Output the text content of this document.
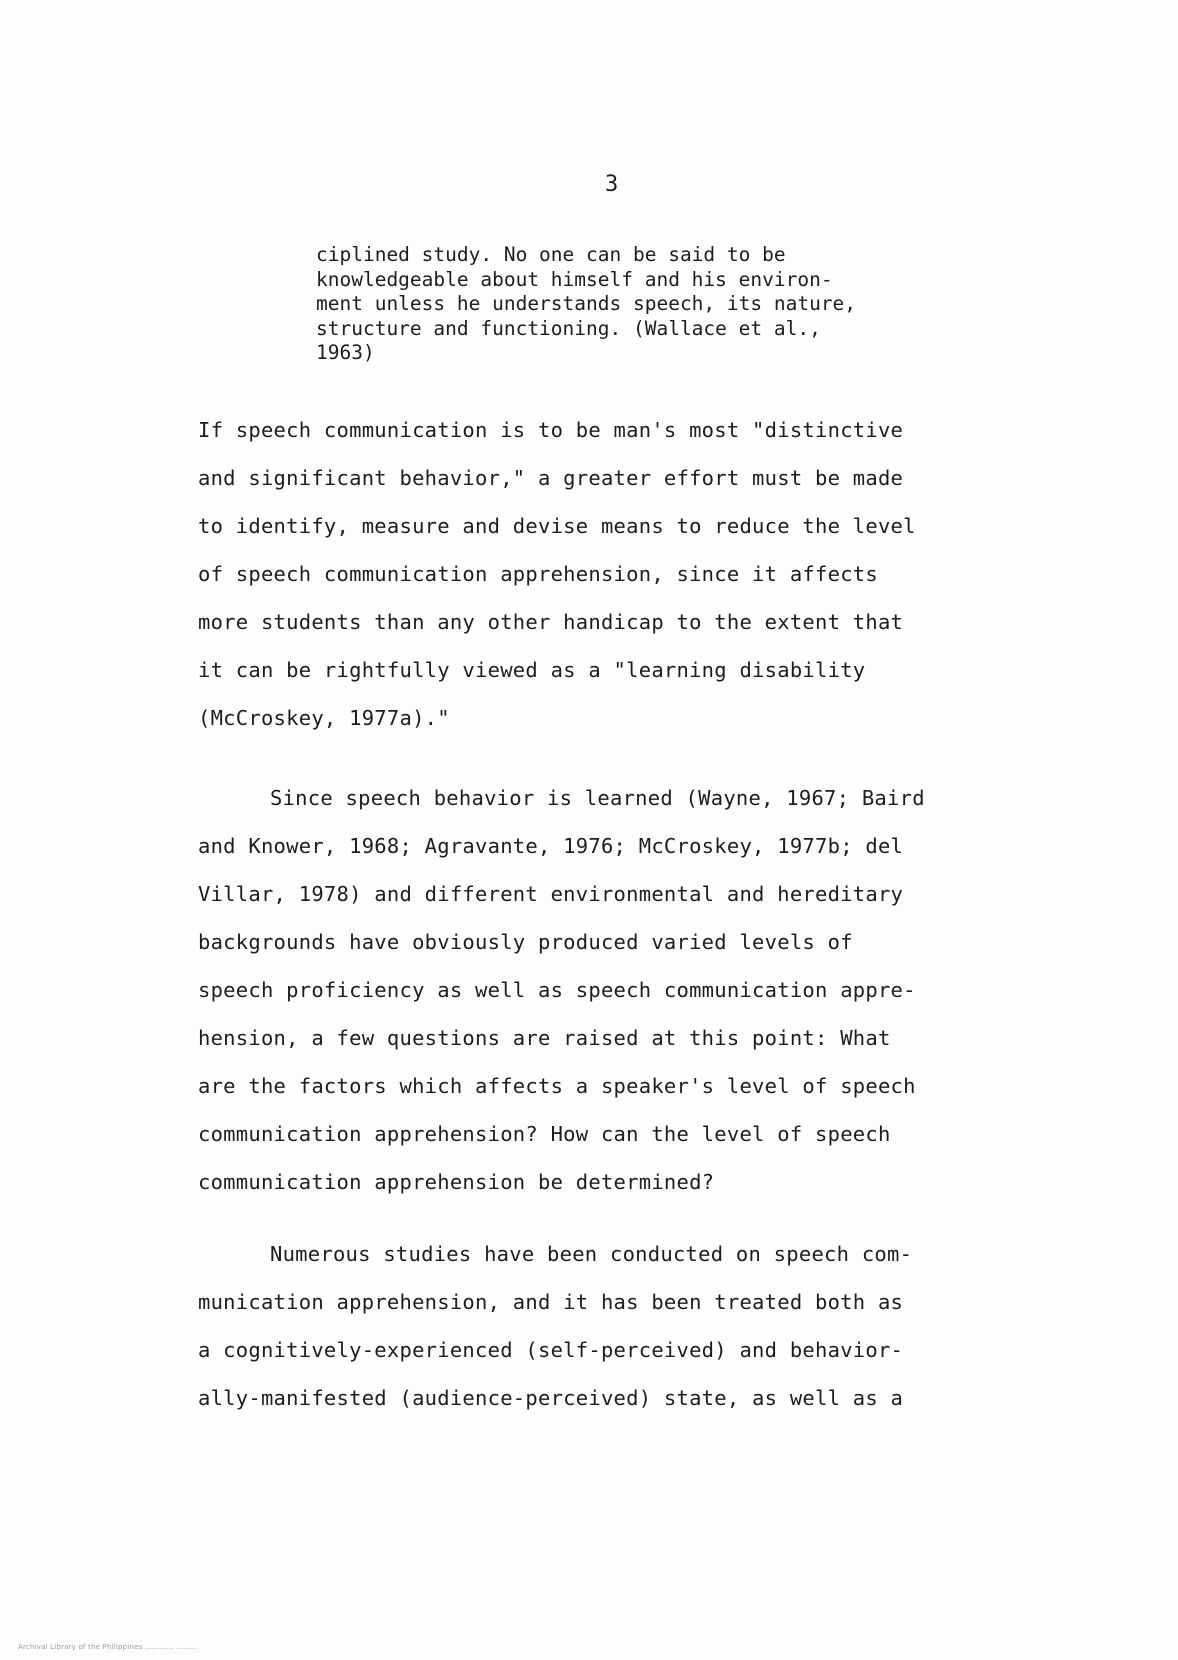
3
ciplined study. No one can be said to be
knowledgeable about himself and his environ-
ment unless he understands speech, its nature,
structure and functioning. (Wallace et al.,
1963)
If speech communication is to be man's most "distinctive
and significant behavior," a greater effort must be made
to identify, measure and devise means to reduce the level
of speech communication apprehension, since it affects
more students than any other handicap to the extent that
it can be rightfully viewed as a "learning disability
(McCroskey, 1977a)."
Since speech behavior is learned (Wayne, 1967; Baird
and Knower, 1968; Agravante, 1976; McCroskey, 1977b; del
Villar, 1978) and different environmental and hereditary
backgrounds have obviously produced varied levels of
speech proficiency as well as speech communication appre-
hension, a few questions are raised at this point: What
are the factors which affects a speaker's level of speech
communication apprehension? How can the level of speech
communication apprehension be determined?
Numerous studies have been conducted on speech com-
munication apprehension, and it has been treated both as
a cognitively-experienced (self-perceived) and behavior-
ally-manifested (audience-perceived) state, as well as a
Archival Library of the Philippines ............ ........
